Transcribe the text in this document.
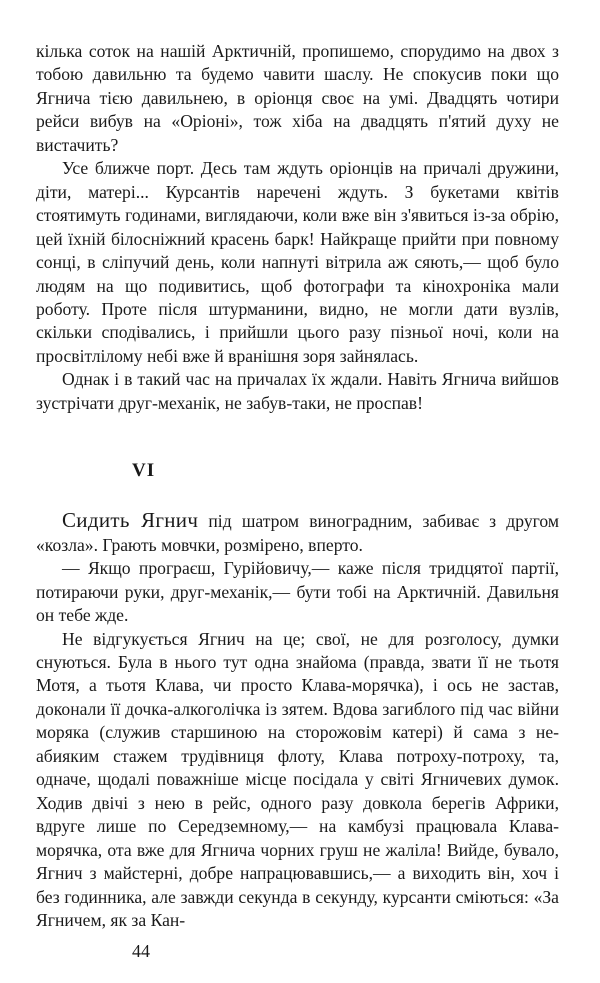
кілька соток на нашій Арктичній, пропишемо, спорудимо на двох з тобою давильню та будемо чавити шаслу. Не спокусив поки що Ягнича тією давильнею, в оріонця своє на умі. Двадцять чотири рейси вибув на «Оріоні», тож хіба на двадцять п'ятий духу не вистачить?

Усе ближче порт. Десь там ждуть оріонців на причалі дружини, діти, матері... Курсантів наречені ждуть. З букетами квітів стоятимуть годинами, виглядаючи, коли вже він з'явиться із-за обрію, цей їхній білосніжний красень барк! Найкраще прийти при повному сонці, в сліпучий день, коли напнуті вітрила аж сяють,— щоб було людям на що подивитись, щоб фотографи та кінохроніка мали роботу. Проте після штурманини, видно, не могли дати вузлів, скільки сподівались, і прийшли цього разу пізньої ночі, коли на просвітлілому небі вже й вранішня зоря зайнялась.

Однак і в такий час на причалах їх ждали. Навіть Ягнича вийшов зустрічати друг-механік, не забув-таки, не проспав!

VI

Сидить Ягнич під шатром виноградним, забиває з другом «козла». Грають мовчки, розмірено, вперто.

— Якщо програєш, Гурійовичу,— каже після тридцятої партії, потираючи руки, друг-механік,— бути тобі на Арктичній. Давильня он тебе жде.

Не відгукується Ягнич на це; свої, не для розголосу, думки снуються. Була в нього тут одна знайома (правда, звати її не тьотя Мотя, а тьотя Клава, чи просто Клава-морячка), і ось не застав, доконали її дочка-алкоголічка із зятем. Вдова загиблого під час війни моряка (служив старшиною на сторожовім катері) й сама з неабияким стажем трудівниця флоту, Клава потроху-потроху, та, одначе, щодалі поважніше місце посідала у світі Ягничевих думок. Ходив двічі з нею в рейс, одного разу довкола берегів Африки, вдруге лише по Середземному,— на камбузі працювала Клава-морячка, ота вже для Ягнича чорних груш не жаліла! Вийде, бувало, Ягнич з майстерні, добре напрацювавшись,— а виходить він, хоч і без годинника, але завжди секунда в секунду, курсанти сміються: «За Ягничем, як за Кан-

44
